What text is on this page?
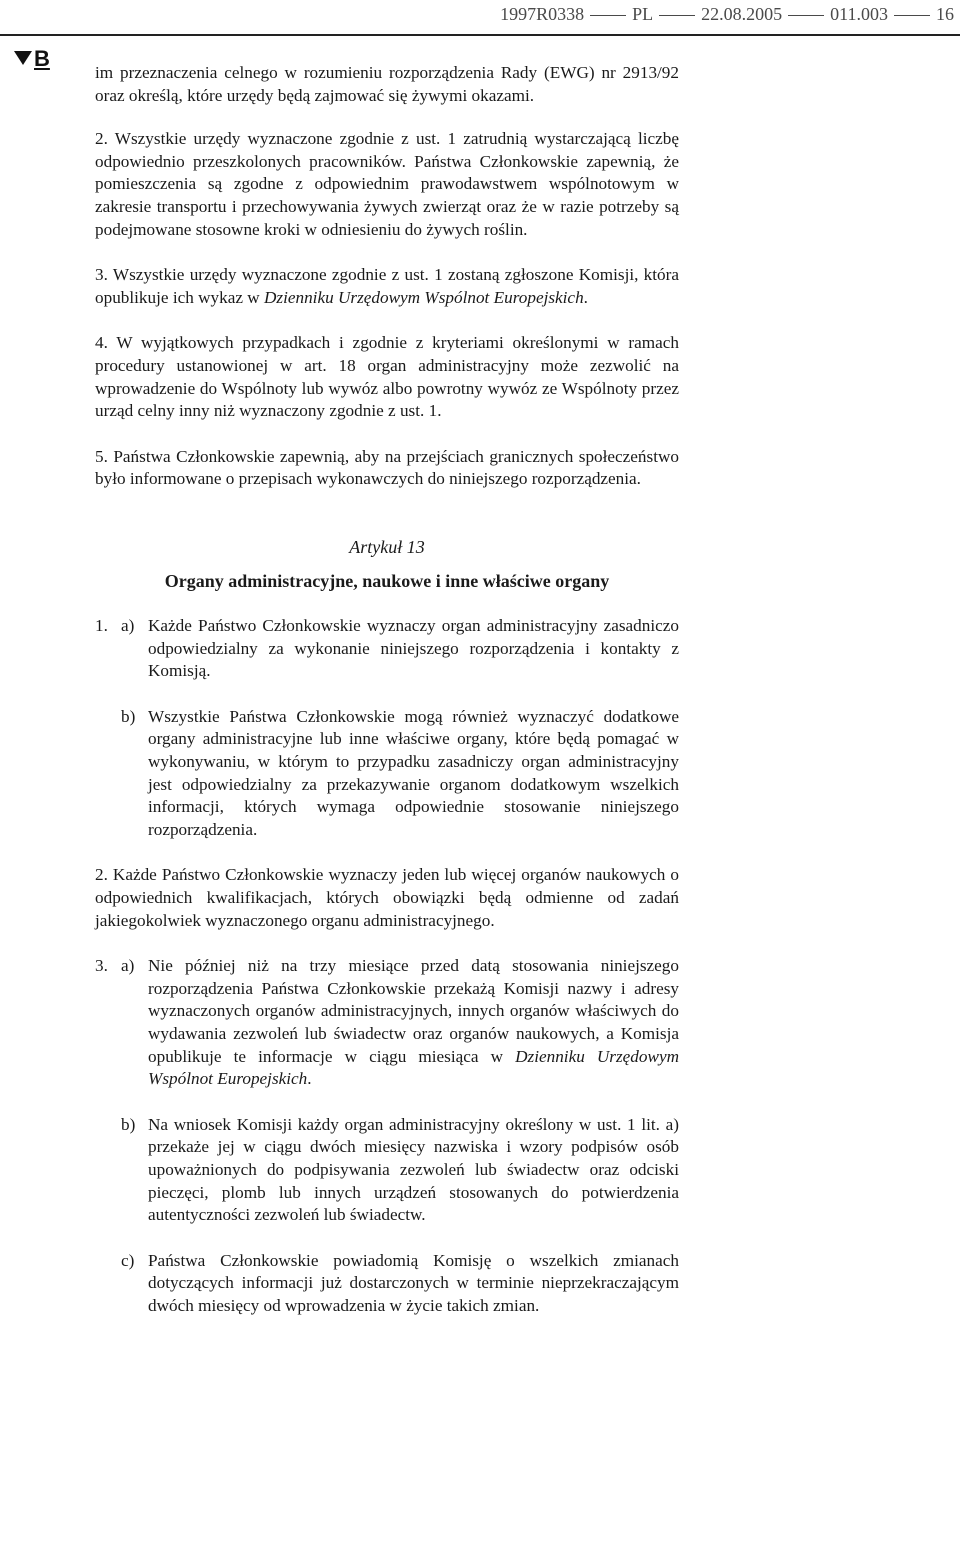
1997R0338	PL	22.08.2005	011.003	16
B

im przeznaczenia celnego w rozumieniu rozporządzenia Rady (EWG) nr 2913/92 oraz określą, które urzędy będą zajmować się żywymi okazami.

2. Wszystkie urzędy wyznaczone zgodnie z ust. 1 zatrudnią wystarczającą liczbę odpowiednio przeszkolonych pracowników. Państwa Członkowskie zapewnią, że pomieszczenia są zgodne z odpowiednim prawodawstwem wspólnotowym w zakresie transportu i przechowywania żywych zwierząt oraz że w razie potrzeby są podejmowane stosowne kroki w odniesieniu do żywych roślin.

3. Wszystkie urzędy wyznaczone zgodnie z ust. 1 zostaną zgłoszone Komisji, która opublikuje ich wykaz w Dzienniku Urzędowym Wspólnot Europejskich.

4. W wyjątkowych przypadkach i zgodnie z kryteriami określonymi w ramach procedury ustanowionej w art. 18 organ administracyjny może zezwolić na wprowadzenie do Wspólnoty lub wywóz albo powrotny wywóz ze Wspólnoty przez urząd celny inny niż wyznaczony zgodnie z ust. 1.

5. Państwa Członkowskie zapewnią, aby na przejściach granicznych społeczeństwo było informowane o przepisach wykonawczych do niniejszego rozporządzenia.

Artykuł 13
Organy administracyjne, naukowe i inne właściwe organy
1. a) Każde Państwo Członkowskie wyznaczy organ administracyjny zasadniczo odpowiedzialny za wykonanie niniejszego rozporządzenia i kontakty z Komisją.
b) Wszystkie Państwa Członkowskie mogą również wyznaczyć dodatkowe organy administracyjne lub inne właściwe organy, które będą pomagać w wykonywaniu, w którym to przypadku zasadniczy organ administracyjny jest odpowiedzialny za przekazywanie organom dodatkowym wszelkich informacji, których wymaga odpowiednie stosowanie niniejszego rozporządzenia.

2. Każde Państwo Członkowskie wyznaczy jeden lub więcej organów naukowych o odpowiednich kwalifikacjach, których obowiązki będą odmienne od zadań jakiegokolwiek wyznaczonego organu administracyjnego.

3. a) Nie później niż na trzy miesiące przed datą stosowania niniejszego rozporządzenia Państwa Członkowskie przekażą Komisji nazwy i adresy wyznaczonych organów administracyjnych, innych organów właściwych do wydawania zezwoleń lub świadectw oraz organów naukowych, a Komisja opublikuje te informacje w ciągu miesiąca w Dzienniku Urzędowym Wspólnot Europejskich.
b) Na wniosek Komisji każdy organ administracyjny określony w ust. 1 lit. a) przekaże jej w ciągu dwóch miesięcy nazwiska i wzory podpisów osób upoważnionych do podpisywania zezwoleń lub świadectw oraz odciski pieczęci, plomb lub innych urządzeń stosowanych do potwierdzenia autentyczności zezwoleń lub świadectw.
c) Państwa Członkowskie powiadomią Komisję o wszelkich zmianach dotyczących informacji już dostarczonych w terminie nieprzekraczającym dwóch miesięcy od wprowadzenia w życie takich zmian.
